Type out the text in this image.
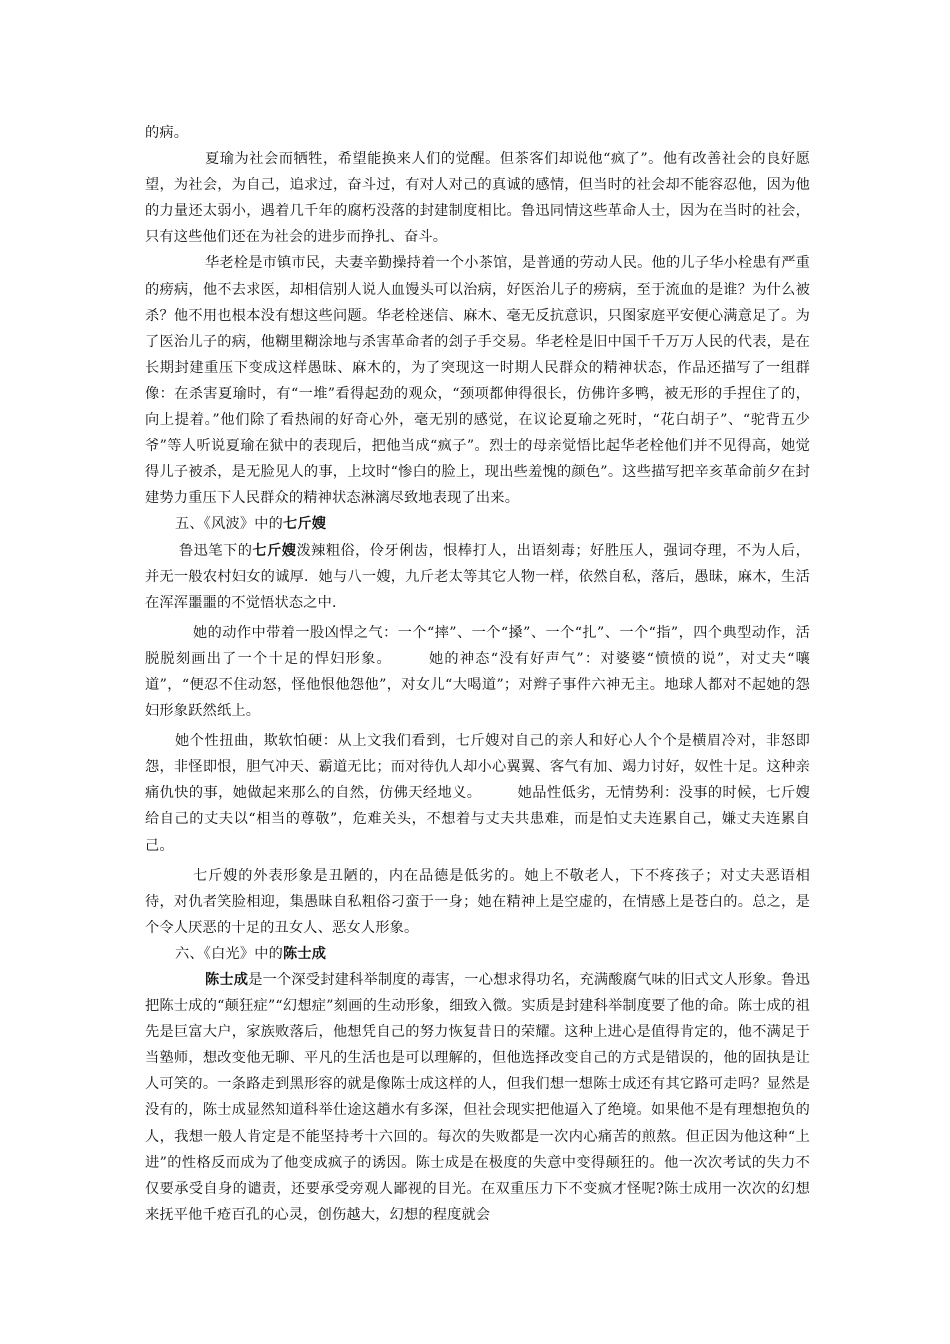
的病。

夏瑜为社会而牺牲，希望能换来人们的觉醒。但茶客们却说他“疯了”。他有改善社会的良好愿望，为社会，为自己，追求过，奋斗过，有对人对己的真诚的感情，但当时的社会却不能容忍他，因为他的力量还太弱小，遇着几千年的腐朽没落的封建制度相比。鲁迅同情这些革命人士，因为在当时的社会，只有这些他们还在为社会的进步而挣扎、奋斗。

华老栓是市镇市民，夫妻辛勤操持着一个小茶馆，是普通的劳动人民。他的儿子华小栓患有严重的痨病，他不去求医，却相信别人说人血馒头可以治病，好医治儿子的痨病，至于流血的是谁？为什么被杀？他不用也根本没有想这些问题。华老栓迷信、麻木、毫无反抗意识，只图家庭平安便心满意足了。为了医治儿子的病，他糊里糊涂地与杀害革命者的刽子手交易。华老栓是旧中国千千万万人民的代表，是在长期封建重压下变成这样愚昧、麻木的，为了突现这一时期人民群众的精神状态，作品还描写了一组群像：在杀害夏瑜时，有“一堆”看得起劲的观众，“颈项都伸得很长，仿佛许多鸭，被无形的手捏住了的，向上提着。”他们除了看热闹的好奇心外，毫无别的感觉，在议论夏瑜之死时，“花白胡子”、“驼背五少爷”等人听说夏瑜在狱中的表现后，把他当成“疯子”。烈士的母亲觉悟比起华老栓他们并不见得高，她觉得儿子被杀，是无脸见人的事，上坟时“惨白的脸上，现出些羞愧的颜色”。这些描写把辛亥革命前夕在封建势力重压下人民群众的精神状态淋漓尽致地表现了出来。

五、《风波》中的七斤嫂

鲁迅笔下的七斤嫂泼辣粗俗，伶牙俐齿，恨棒打人，出语刻毒；好胜压人，强词夺理，不为人后，并无一般农村妇女的诚厚．她与八一嫂，九斤老太等其它人物一样，依然自私，落后，愚昧，麻木，生活在浑浑噩噩的不觉悟状态之中．

她的动作中带着一股凶悍之气：一个“摔”、一个“搡”、一个“扎”、一个“指”，四个典型动作，活脱脱刻画出了一个十足的悍妇形象。	她的神态“没有好声气”：对婆婆“愤愤的说”，对丈夫“嚷道”，“便忍不住动怒，怪他恨他怨他”，对女儿“大喝道”；对辫子事件六神无主。地球人都对不起她的怨妇形象跃然纸上。

她个性扭曲，欺软怕硬：从上文我们看到，七斤嫂对自己的亲人和好心人个个是横眉冷对，非怒即怨，非怪即恨，胆气冲天、霸道无比；而对待仇人却小心翼翼、客气有加、竭力讨好，奴性十足。这种亲痛仇快的事，她做起来那么的自然，仿佛天经地义。	她品性低劣，无情势利：没事的时候，七斤嫂给自己的丈夫以“相当的尊敬”，危难关头，不想着与丈夫共患难，而是怕丈夫连累自己，嫌丈夫连累自己。

七斤嫂的外表形象是丑陋的，内在品德是低劣的。她上不敬老人，下不疼孩子；对丈夫恶语相待，对仇者笑脸相迎，集愚昧自私粗俗刁蛮于一身；她在精神上是空虚的，在情感上是苍白的。总之，是个令人厌恶的十足的丑女人、恶女人形象。

六、《白光》中的陈士成

陈士成是一个深受封建科举制度的毒害，一心想求得功名，充满酸腐气味的旧式文人形象。鲁迅把陈士成的“颠狂症”“幻想症”刻画的生动形象，细致入微。实质是封建科举制度要了他的命。陈士成的祖先是巨富大户，家族败落后，他想凭自己的努力恢复昔日的荣耀。这种上进心是值得肯定的，他不满足于当塾师，想改变他无聊、平凡的生活也是可以理解的，但他选择改变自己的方式是错误的，他的固执是让人可笑的。一条路走到黑形容的就是像陈士成这样的人，但我们想一想陈士成还有其它路可走吗？显然是没有的，陈士成显然知道科举仕途这趟水有多深，但社会现实把他逼入了绝境。如果他不是有理想抱负的人，我想一般人肯定是不能坚持考十六回的。每次的失败都是一次内心痛苦的煎熬。但正因为他这种“上进”的性格反而成为了他变成疯子的诱因。陈士成是在极度的失意中变得颠狂的。他一次次考试的失力不仅要承受自身的谴责，还要承受旁观人鄙视的目光。在双重压力下不变疯才怪呢?陈士成用一次次的幻想来抚平他千疮百孔的心灵，创伤越大，幻想的程度就会
